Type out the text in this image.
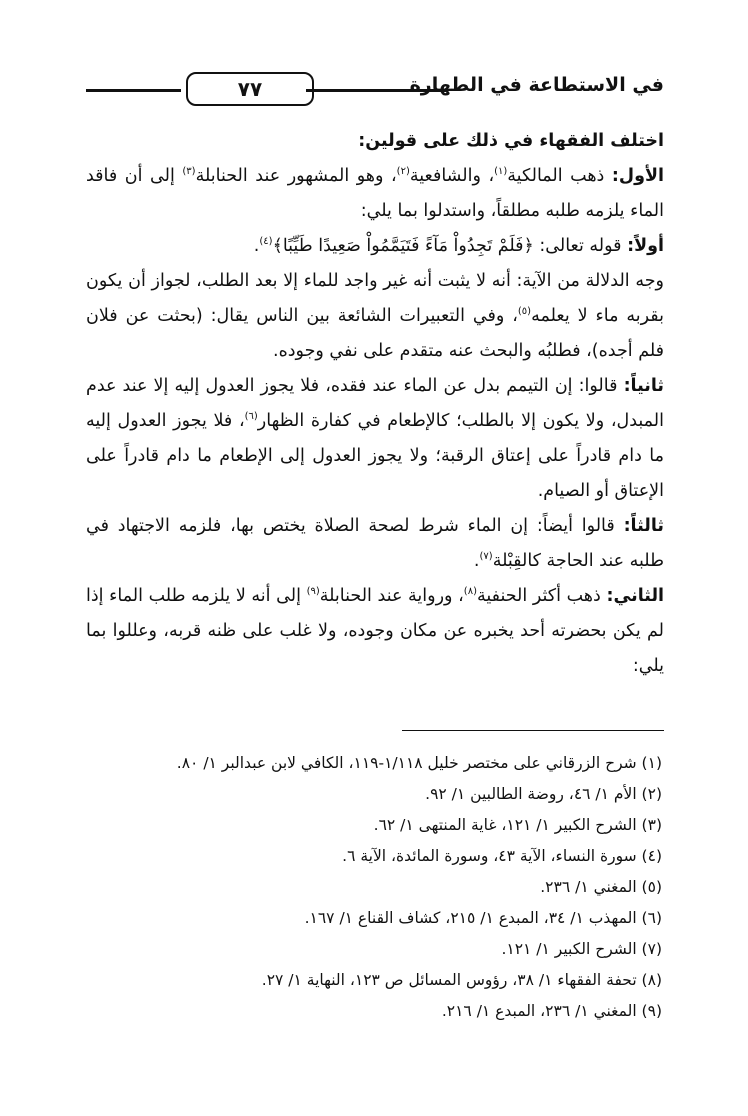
في الاستطاعة في الطهارة
٧٧

اختلف الفقهاء في ذلك على قولين:

الأول: ذهب المالكية$^{(١)}$، والشافعية$^{(٢)}$، وهو المشهور عند الحنابلة$^{(٣)}$ إلى أن فاقد الماء يلزمه طلبه مطلقاً، واستدلوا بما يلي:

أولاً: قوله تعالى: ﴿فَلَمْ تَجِدُواْ مَآءً فَتَيَمَّمُواْ صَعِيدًا طَيِّبًا﴾$^{(٤)}$.

وجه الدلالة من الآية: أنه لا يثبت أنه غير واجد للماء إلا بعد الطلب، لجواز أن يكون بقربه ماء لا يعلمه$^{(٥)}$، وفي التعبيرات الشائعة بين الناس يقال: (بحثت عن فلان فلم أجده)، فطلبُه والبحث عنه متقدم على نفي وجوده.

ثانياً: قالوا: إن التيمم بدل عن الماء عند فقده، فلا يجوز العدول إليه إلا عند عدم المبدل، ولا يكون إلا بالطلب؛ كالإطعام في كفارة الظهار$^{(٦)}$، فلا يجوز العدول إليه ما دام قادراً على إعتاق الرقبة؛ ولا يجوز العدول إلى الإطعام ما دام قادراً على الإعتاق أو الصيام.

ثالثاً: قالوا أيضاً: إن الماء شرط لصحة الصلاة يختص بها، فلزمه الاجتهاد في طلبه عند الحاجة كالقِبْلة$^{(٧)}$.

الثاني: ذهب أكثر الحنفية$^{(٨)}$، ورواية عند الحنابلة$^{(٩)}$ إلى أنه لا يلزمه طلب الماء إذا لم يكن بحضرته أحد يخبره عن مكان وجوده، ولا غلب على ظنه قربه، وعللوا بما يلي:

(١) شرح الزرقاني على مختصر خليل ١/١١٨-١١٩، الكافي لابن عبدالبر ١/ ٨٠.
(٢) الأم ١/ ٤٦، روضة الطالبين ١/ ٩٢.
(٣) الشرح الكبير ١/ ١٢١، غاية المنتهى ١/ ٦٢.
(٤) سورة النساء، الآية ٤٣، وسورة المائدة، الآية ٦.
(٥) المغني ١/ ٢٣٦.
(٦) المهذب ١/ ٣٤، المبدع ١/ ٢١٥، كشاف القناع ١/ ١٦٧.
(٧) الشرح الكبير ١/ ١٢١.
(٨) تحفة الفقهاء ١/ ٣٨، رؤوس المسائل ص ١٢٣، النهاية ١/ ٢٧.
(٩) المغني ١/ ٢٣٦، المبدع ١/ ٢١٦.
